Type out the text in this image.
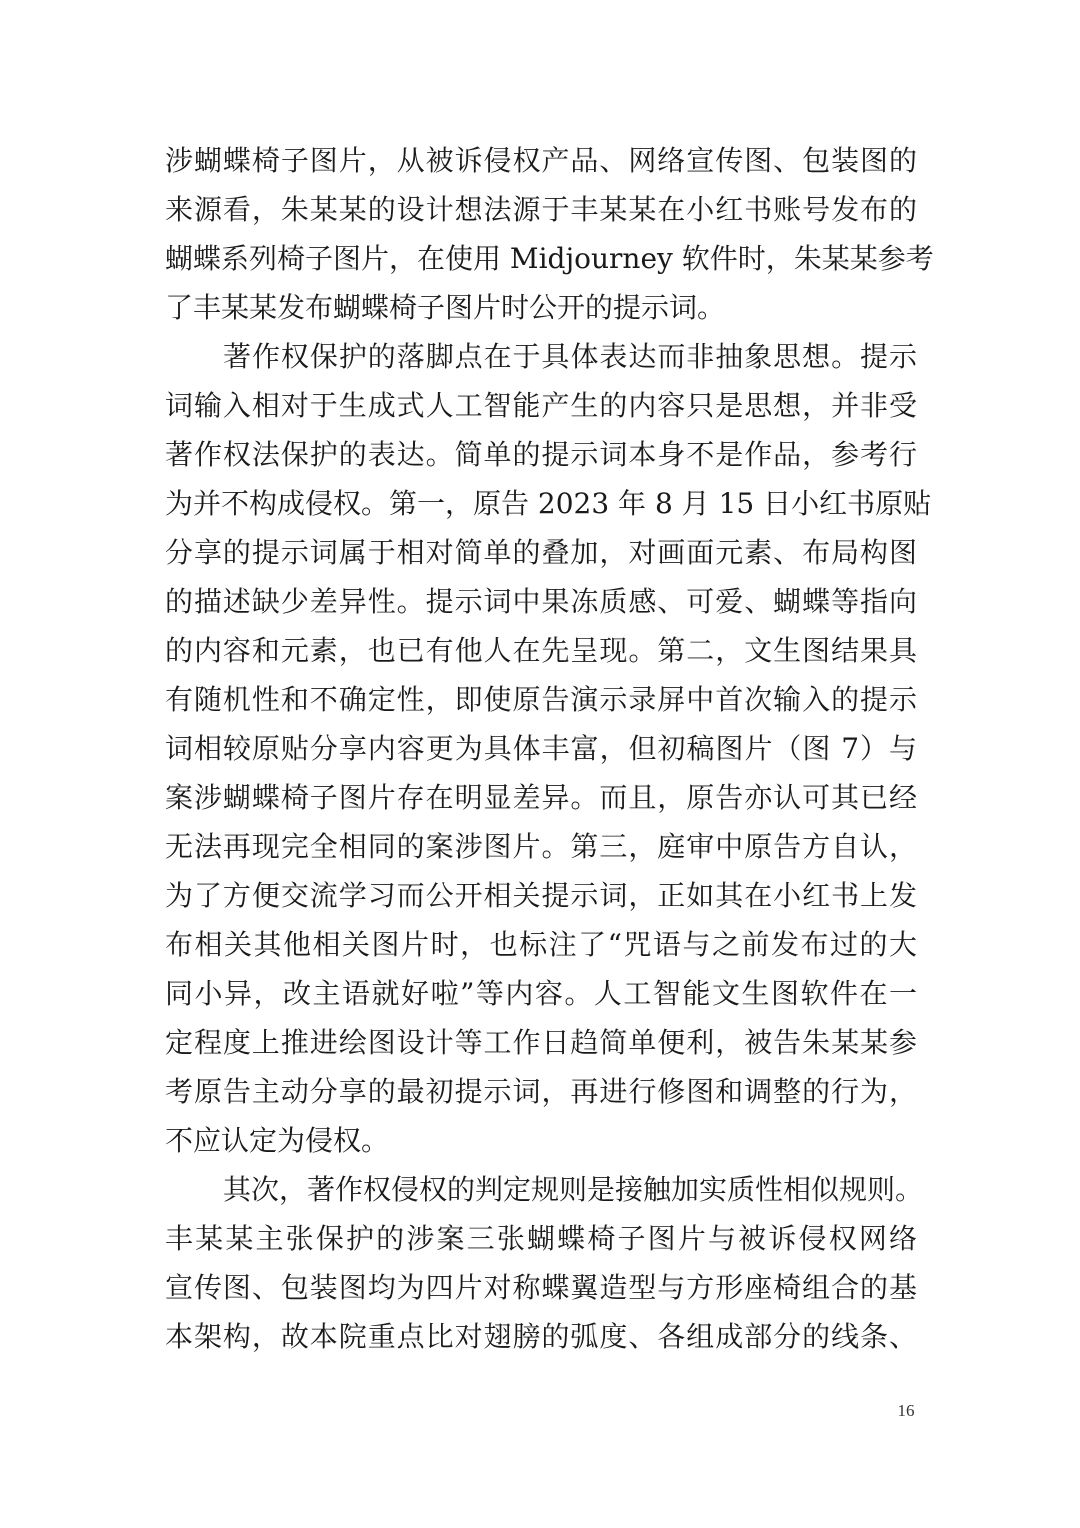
涉蝴蝶椅子图片，从被诉侵权产品、网络宣传图、包装图的
来源看，朱某某的设计想法源于丰某某在小红书账号发布的
蝴蝶系列椅子图片，在使用 Midjourney 软件时，朱某某参考
了丰某某发布蝴蝶椅子图片时公开的提示词。
著作权保护的落脚点在于具体表达而非抽象思想。提示
词输入相对于生成式人工智能产生的内容只是思想，并非受
著作权法保护的表达。简单的提示词本身不是作品，参考行
为并不构成侵权。第一，原告 2023 年 8 月 15 日小红书原贴
分享的提示词属于相对简单的叠加，对画面元素、布局构图
的描述缺少差异性。提示词中果冻质感、可爱、蝴蝶等指向
的内容和元素，也已有他人在先呈现。第二，文生图结果具
有随机性和不确定性，即使原告演示录屏中首次输入的提示
词相较原贴分享内容更为具体丰富，但初稿图片（图 7）与
案涉蝴蝶椅子图片存在明显差异。而且，原告亦认可其已经
无法再现完全相同的案涉图片。第三，庭审中原告方自认，
为了方便交流学习而公开相关提示词，正如其在小红书上发
布相关其他相关图片时，也标注了“咒语与之前发布过的大
同小异，改主语就好啦”等内容。人工智能文生图软件在一
定程度上推进绘图设计等工作日趋简单便利，被告朱某某参
考原告主动分享的最初提示词，再进行修图和调整的行为，
不应认定为侵权。
其次，著作权侵权的判定规则是接触加实质性相似规则。
丰某某主张保护的涉案三张蝴蝶椅子图片与被诉侵权网络
宣传图、包装图均为四片对称蝶翼造型与方形座椅组合的基
本架构，故本院重点比对翅膀的弧度、各组成部分的线条、
16
